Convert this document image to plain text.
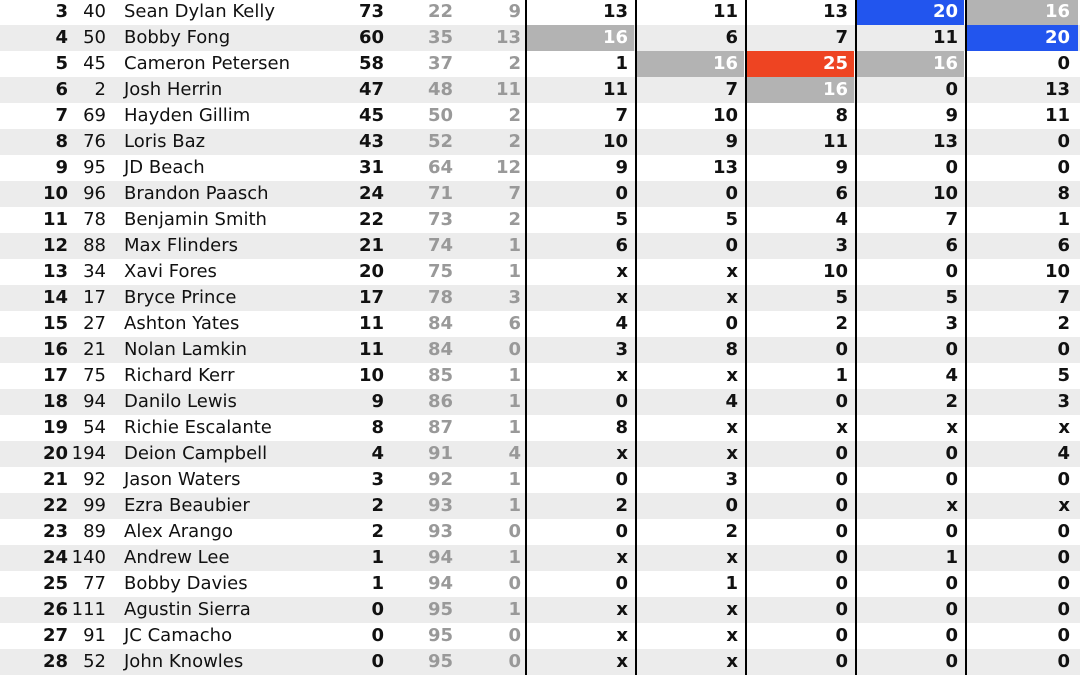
3 40 Sean Dylan Kelly	73	22	9	13	11	13	20	16
4 50 Bobby Fong	60	35	13	16	6	7	11	20
5 45 Cameron Petersen	58	37	2	1	16	25	16	0
6	2 Josh Herrin	47	48	11	11	7	16	0	13
7 69 Hayden Gillim	45	50	2	7	10	8	9	11
8 76 Loris Baz	43	52	2	10	9	11	13	0
9 95 JD Beach	31	64	12	9	13	9	0	0
10 96 Brandon Paasch	24	71	7	0	0	6	10	8
11 78 Benjamin Smith	22	73	2	5	5	4	7	1
12 88 Max Flinders	21	74	1	6	0	3	6	6
13 34 Xavi Fores	20	75	1	x	x	10	0	10
14 17 Bryce Prince	17	78	3	x	x	5	5	7
15 27 Ashton Yates	11	84	6	4	0	2	3	2
16 21 Nolan Lamkin	11	84	0	3	8	0	0	0
17 75 Richard Kerr	10	85	1	x	x	1	4	5
18 94 Danilo Lewis	9	86	1	0	4	0	2	3
19 54 Richie Escalante	8	87	1	8	x	x	x	x
20 194 Deion Campbell	4	91	4	x	x	0	0	4
21 92 Jason Waters	3	92	1	0	3	0	0	0
22 99 Ezra Beaubier	2	93	1	2	0	0	x	x
23 89 Alex Arango	2	93	0	0	2	0	0	0
24 140 Andrew Lee	1	94	1	x	x	0	1	0
25 77 Bobby Davies	1	94	0	0	1	0	0	0
26 111 Agustin Sierra	0	95	1	x	x	0	0	0
27 91 JC Camacho	0	95	0	x	x	0	0	0
28 52 John Knowles	0	95	0	x	x	0	0	0
